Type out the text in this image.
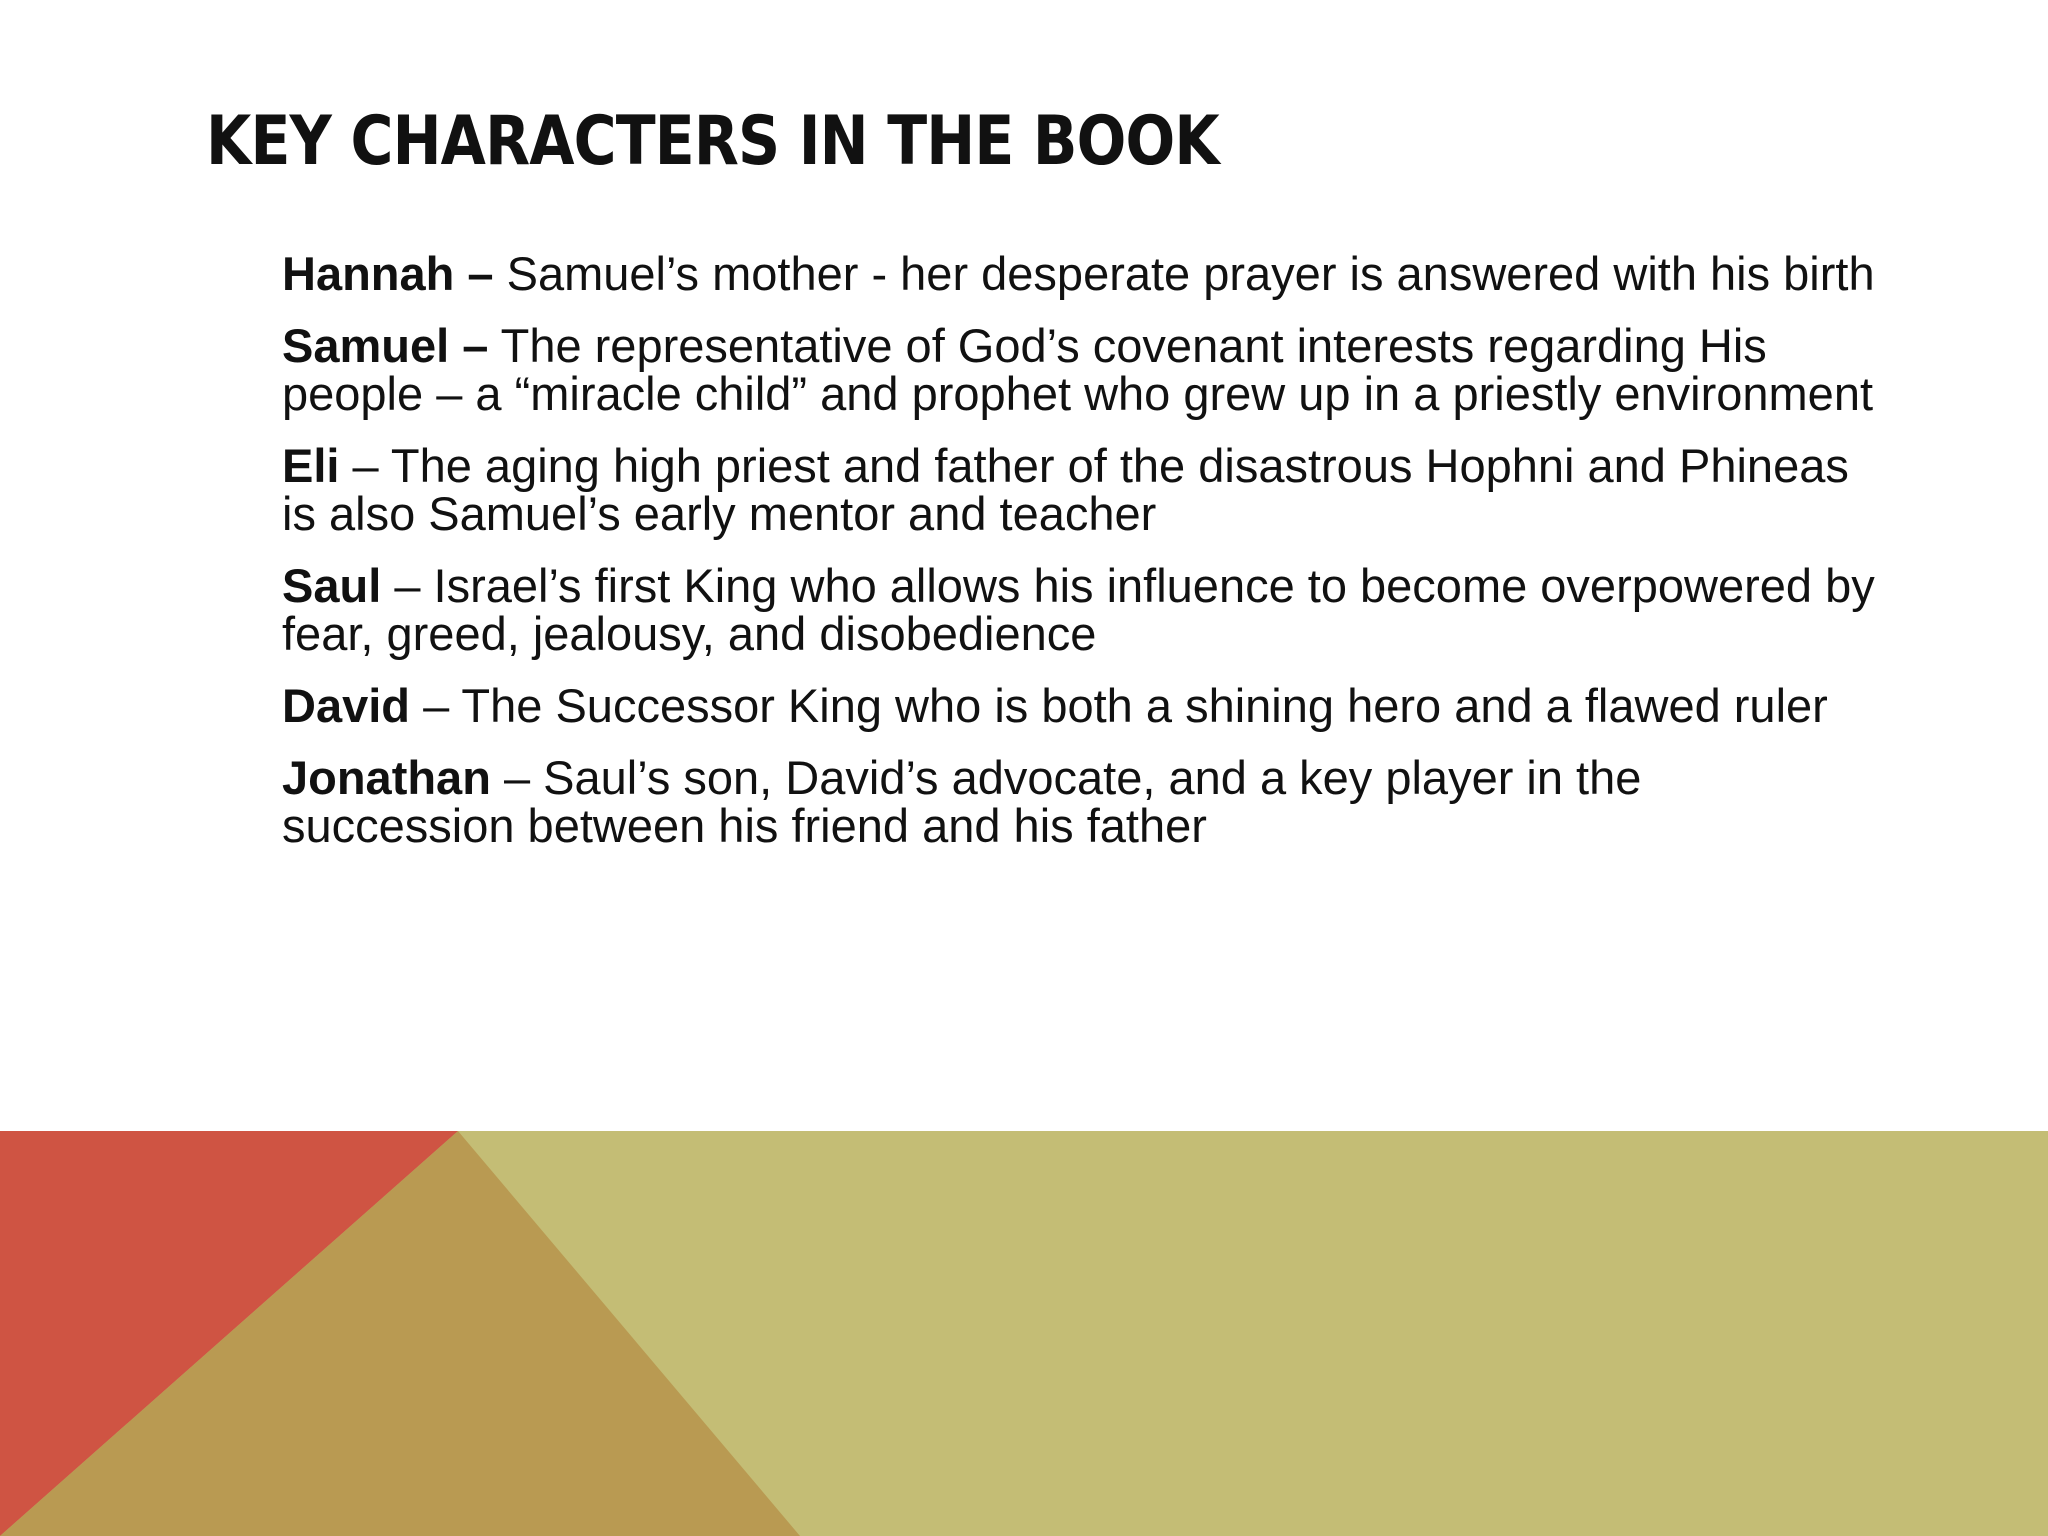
KEY CHARACTERS IN THE BOOK
Hannah – Samuel’s mother - her desperate prayer is answered with his birth
Samuel – The representative of God’s covenant interests regarding His people – a “miracle child” and prophet who grew up in a priestly environment
Eli – The aging high priest and father of the disastrous Hophni and Phineas is also Samuel’s early mentor and teacher
Saul – Israel’s first King who allows his influence to become overpowered by fear, greed, jealousy, and disobedience
David – The Successor King who is both a shining hero and a flawed ruler
Jonathan – Saul’s son, David’s advocate, and a key player in the succession between his friend and his father
